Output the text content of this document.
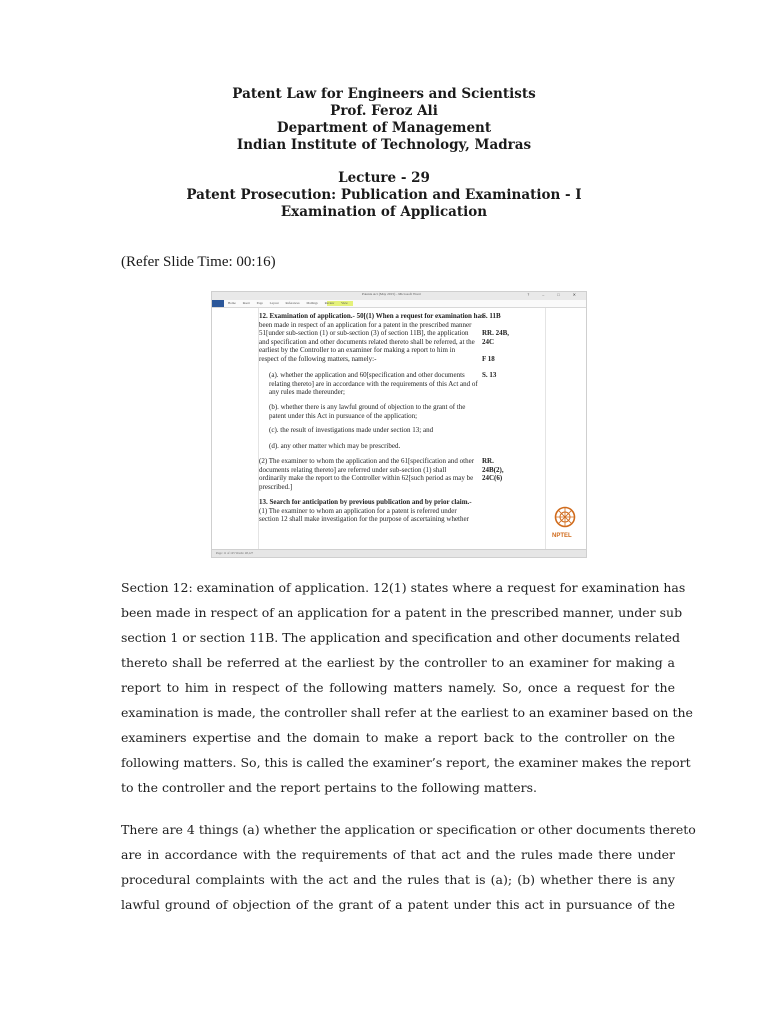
Patent Law for Engineers and Scientists
Prof. Feroz Ali
Department of Management
Indian Institute of Technology, Madras
Lecture - 29
Patent Prosecution: Publication and Examination - I
Examination of Application
(Refer Slide Time: 00:16)
Patents Act (May 2015) - Microsoft Word	? – □ ✕
Home Insert Page Layout References Mailings Review View
12. Examination of application.- 50[(1) When a request for examination has
been made in respect of an application for a patent in the prescribed manner
51[under sub-section (1) or sub-section (3) of section 11B], the application
and specification and other documents related thereto shall be referred, at the
earliest by the Controller to an examiner for making a report to him in
respect of the following matters, namely:-
(a). whether the application and 60[specification and other documents
relating thereto] are in accordance with the requirements of this Act and of
any rules made thereunder;
(b). whether there is any lawful ground of objection to the grant of the
patent under this Act in pursuance of the application;
(c). the result of investigations made under section 13; and
(d). any other matter which may be prescribed.
(2) The examiner to whom the application and the 61[specification and other
documents relating thereto] are referred under sub-section (1) shall
ordinarily make the report to the Controller within 62[such period as may be
prescribed.]
13. Search for anticipation by previous publication and by prior claim.-
(1) The examiner to whom an application for a patent is referred under
section 12 shall make investigation for the purpose of ascertaining whether
S. 11B
RR. 24B,
24C
F 18
S. 13
RR.
24B(2),
24C(6)
NPTEL
Page: 11 of 125 Words: 48,127
Section 12: examination of application. 12(1) states where a request for examination has
been made in respect of an application for a patent in the prescribed manner, under sub
section 1 or section 11B. The application and specification and other documents related
thereto shall be referred at the earliest by the controller to an examiner for making a
report to him in respect of the following matters namely. So, once a request for the
examination is made, the controller shall refer at the earliest to an examiner based on the
examiners expertise and the domain to make a report back to the controller on the
following matters. So, this is called the examiner’s report, the examiner makes the report
to the controller and the report pertains to the following matters.
There are 4 things (a) whether the application or specification or other documents thereto
are in accordance with the requirements of that act and the rules made there under
procedural complaints with the act and the rules that is (a); (b) whether there is any
lawful ground of objection of the grant of a patent under this act in pursuance of the
